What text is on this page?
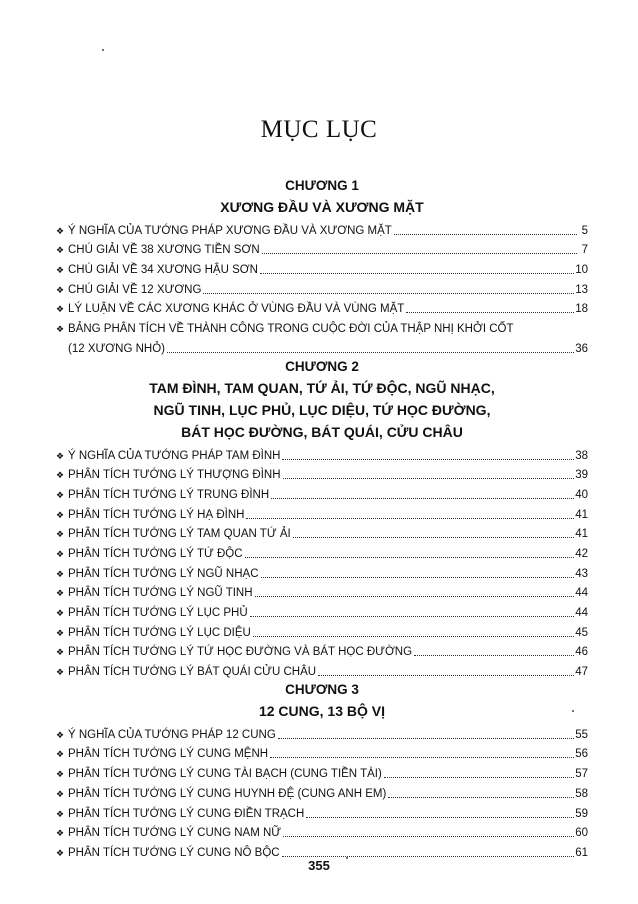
MỤC LỤC
CHƯƠNG 1
XƯƠNG ĐẦU VÀ XƯƠNG MẶT
❖ Ý NGHĨA CỦA TƯỚNG PHÁP XƯƠNG ĐẦU VÀ XƯƠNG MẶT	5
❖ CHÚ GIẢI VỀ 38 XƯƠNG TIỀN SƠN	7
❖ CHÚ GIẢI VỀ 34 XƯƠNG HẬU SƠN	10
❖ CHÚ GIẢI VỀ 12 XƯƠNG	13
❖ LÝ LUẬN VỀ CÁC XƯƠNG KHÁC Ở VÙNG ĐẦU VÀ VÙNG MẶT	18
❖ BẢNG PHÂN TÍCH VỀ THÀNH CÔNG TRONG CUỘC ĐỜI CỦA THẬP NHỊ KHỞI CỐT
(12 XƯƠNG NHỎ)	36
CHƯƠNG 2
TAM ĐÌNH, TAM QUAN, TỨ ẢI, TỨ ĐỘC, NGŨ NHẠC,
NGŨ TINH, LỤC PHỦ, LỤC DIỆU, TỨ HỌC ĐƯỜNG,
BÁT HỌC ĐƯỜNG, BÁT QUÁI, CỬU CHÂU
❖ Ý NGHĨA CỦA TƯỚNG PHÁP TAM ĐÌNH	38
❖ PHÂN TÍCH TƯỚNG LÝ THƯỢNG ĐÌNH	39
❖ PHÂN TÍCH TƯỚNG LÝ TRUNG ĐÌNH	40
❖ PHÂN TÍCH TƯỚNG LÝ HẠ ĐÌNH	41
❖ PHÂN TÍCH TƯỚNG LÝ TAM QUAN TỨ ẢI	41
❖ PHÂN TÍCH TƯỚNG LÝ TỨ ĐỘC	42
❖ PHÂN TÍCH TƯỚNG LÝ NGŨ NHẠC	43
❖ PHÂN TÍCH TƯỚNG LÝ NGŨ TINH	44
❖ PHÂN TÍCH TƯỚNG LÝ LỤC PHỦ	44
❖ PHÂN TÍCH TƯỚNG LÝ LỤC DIỆU	45
❖ PHÂN TÍCH TƯỚNG LÝ TỨ HỌC ĐƯỜNG VÀ BÁT HỌC ĐƯỜNG	46
❖ PHÂN TÍCH TƯỚNG LÝ BÁT QUÁI CỬU CHÂU	47
CHƯƠNG 3
12 CUNG, 13 BỘ VỊ
❖ Ý NGHĨA CỦA TƯỚNG PHÁP 12 CUNG	55
❖ PHÂN TÍCH TƯỚNG LÝ CUNG MỆNH	56
❖ PHÂN TÍCH TƯỚNG LÝ CUNG TÀI BẠCH (CUNG TIỀN TÀI)	57
❖ PHÂN TÍCH TƯỚNG LÝ CUNG HUYNH ĐỆ (CUNG ANH EM)	58
❖ PHÂN TÍCH TƯỚNG LÝ CUNG ĐIỀN TRẠCH	59
❖ PHÂN TÍCH TƯỚNG LÝ CUNG NAM NỮ	60
❖ PHÂN TÍCH TƯỚNG LÝ CUNG NÔ BỘC	61
355
